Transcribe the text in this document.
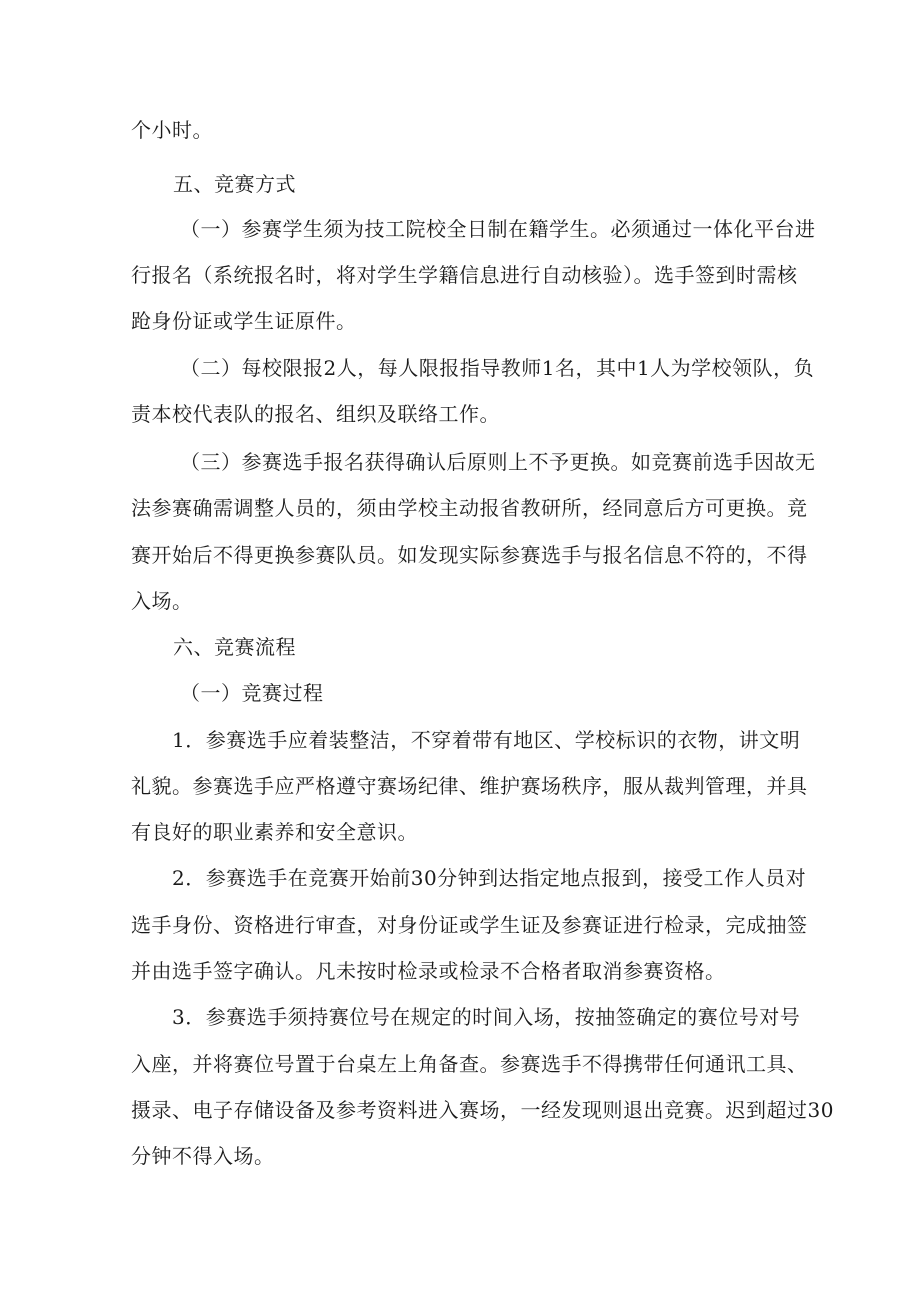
个小时。
五、竞赛方式
（一）参赛学生须为技工院校全日制在籍学生。必须通过一体化平台进
行报名（系统报名时，将对学生学籍信息进行自动核验）。选手签到时需核
跄身份证或学生证原件。
（二）每校限报2人，每人限报指导教师1名，其中1人为学校领队，负
责本校代表队的报名、组织及联络工作。
（三）参赛选手报名获得确认后原则上不予更换。如竞赛前选手因故无
法参赛确需调整人员的，须由学校主动报省教研所，经同意后方可更换。竞
赛开始后不得更换参赛队员。如发现实际参赛选手与报名信息不符的，不得
入场。
六、竞赛流程
（一）竞赛过程
1．参赛选手应着装整洁，不穿着带有地区、学校标识的衣物，讲文明
礼貌。参赛选手应严格遵守赛场纪律、维护赛场秩序，服从裁判管理，并具
有良好的职业素养和安全意识。
2．参赛选手在竞赛开始前30分钟到达指定地点报到，接受工作人员对
选手身份、资格进行审查，对身份证或学生证及参赛证进行检录，完成抽签
并由选手签字确认。凡未按时检录或检录不合格者取消参赛资格。
3．参赛选手须持赛位号在规定的时间入场，按抽签确定的赛位号对号
入座，并将赛位号置于台桌左上角备查。参赛选手不得携带任何通讯工具、
摄录、电子存储设备及参考资料进入赛场，一经发现则退出竞赛。迟到超过30
分钟不得入场。
